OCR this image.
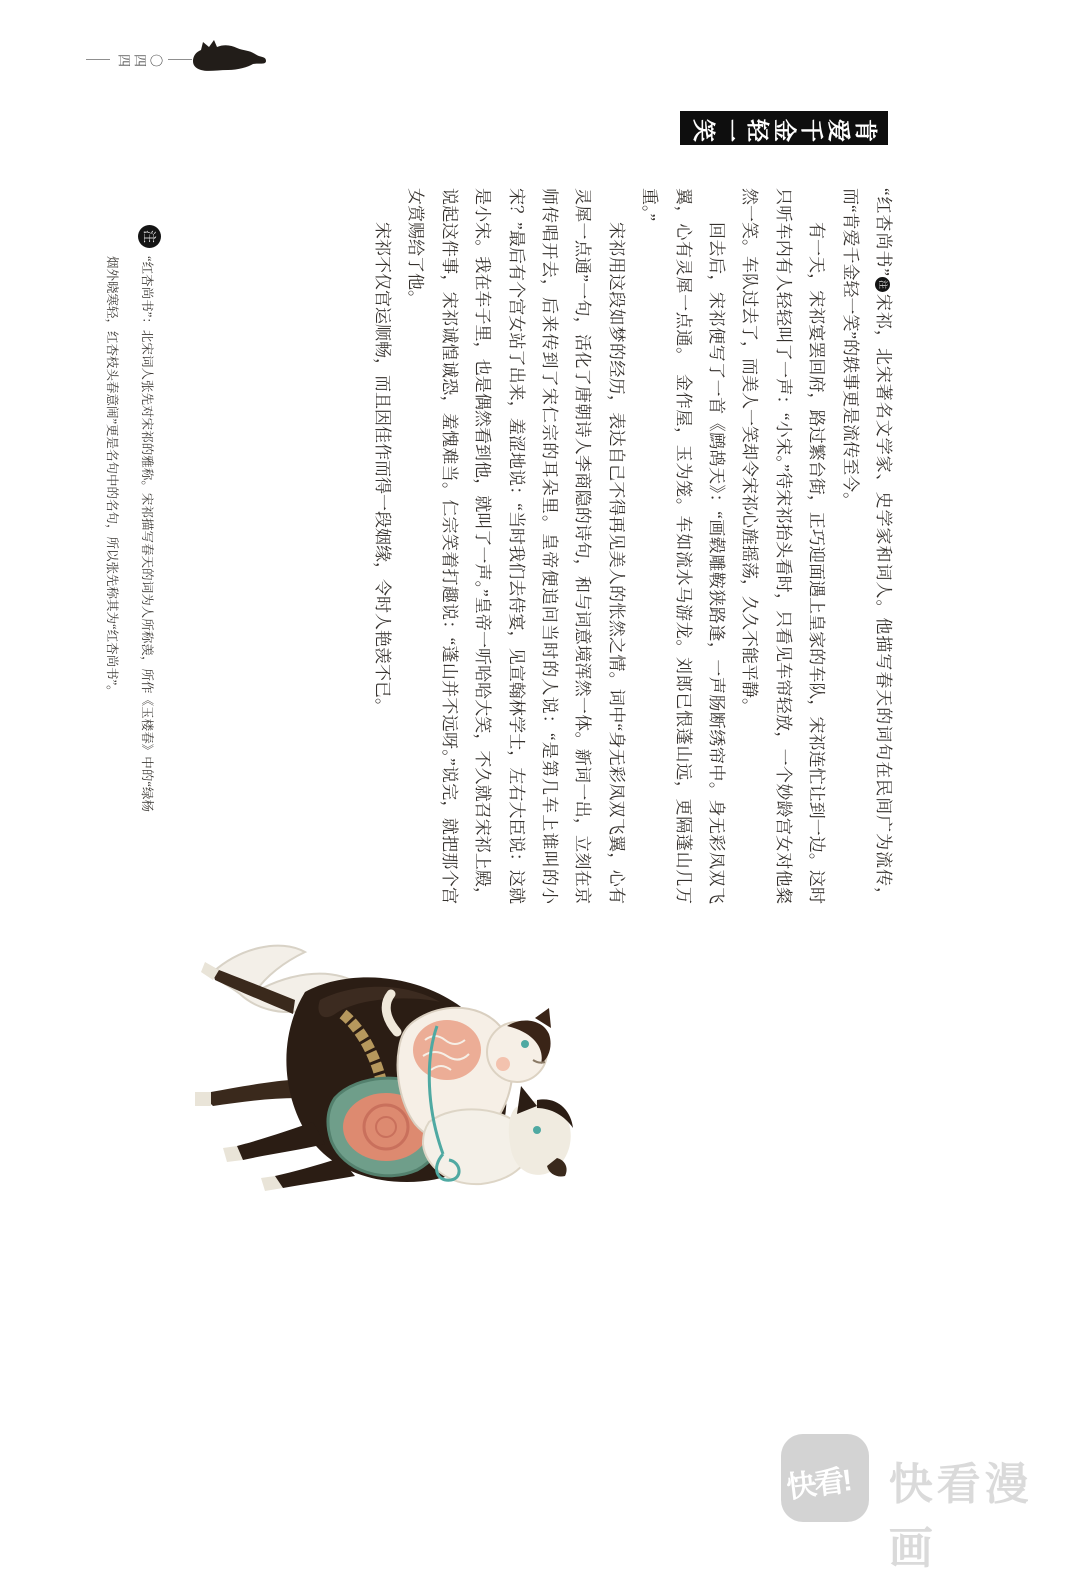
肯爱千金轻一笑

“红杏尚书”注宋祁，北宋著名文学家、史学家和词人。他描写春天的词句在民间广为流传，而“肯爱千金轻一笑”的轶事更是流传至今。

有一天，宋祁宴罢回府，路过繁台街，正巧迎面遇上皇家的车队，宋祁连忙让到一边。这时只听车内有人轻轻叫了一声：“小宋。”待宋祁抬头看时，只看见车帘轻放，一个妙龄宫女对他粲然一笑。车队过去了，而美人一笑却令宋祁心旌摇荡，久久不能平静。

回去后，宋祁便写了一首《鹧鸪天》：“画毂雕鞍狭路逢，一声肠断绣帘中。身无彩凤双飞翼，心有灵犀一点通。　金作屋，玉为笼。车如流水马游龙。刘郎已恨蓬山远，更隔蓬山几万重。”

宋祁用这段如梦的经历，表达自己不得再见美人的怅然之情。词中“身无彩凤双飞翼，心有灵犀一点通”一句，活化了唐朝诗人李商隐的诗句，和与词意境浑然一体。新词一出，立刻在京师传唱开去，后来传到了宋仁宗的耳朵里。皇帝便追问当时的人说：“是第几车上谁叫的小宋？”最后有个宫女站了出来，羞涩地说：“当时我们去侍宴，见宣翰林学士，左右大臣说：这就是小宋。我在车子里，也是偶然看到他，就叫了一声。”皇帝一听哈哈大笑，不久就召宋祁上殿，说起这件事，宋祁诚惶诚恐，羞愧难当。仁宗笑着打趣说：“蓬山并不远呀。”说完，就把那个宫女赏赐给了他。

宋祁不仅官运顺畅，而且因佳作而得一段姻缘，令时人艳羡不已。

注

“红杏尚书”：北宋词人张先对宋祁的雅称。宋祁描写春天的词为人所称羡，所作《玉楼春》中的“绿杨烟外晓寒轻，红杏枝头春意闹”更是名句中的名句，所以张先称其为“红杏尚书”。

〇四四
快看! 快看漫画
